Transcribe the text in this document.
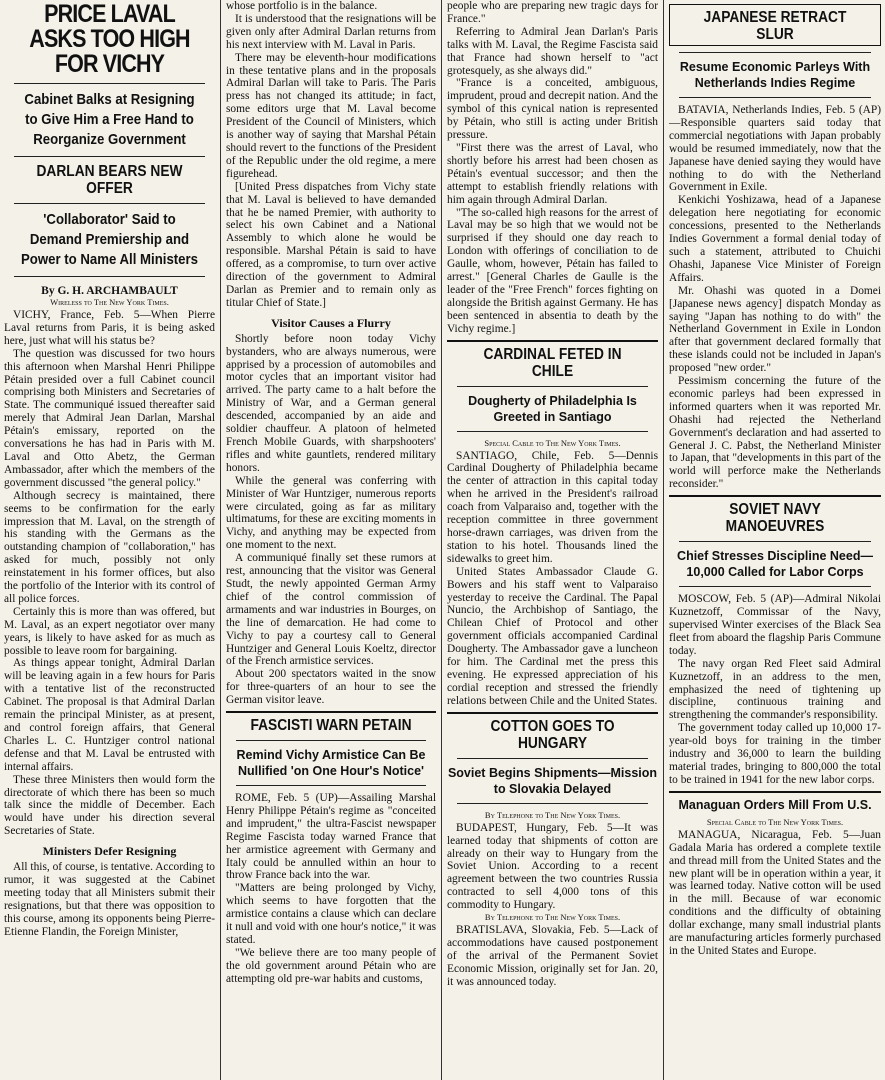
PRICE LAVAL ASKS TOO HIGH FOR VICHY
Cabinet Balks at Resigning to Give Him a Free Hand to Reorganize Government
DARLAN BEARS NEW OFFER
'Collaborator' Said to Demand Premiership and Power to Name All Ministers
By G. H. ARCHAMBAULT
Wireless to The New York Times.

VICHY, France, Feb. 5—When Pierre Laval returns from Paris, it is being asked here, just what will his status be?

The question was discussed for two hours this afternoon when Marshal Henri Philippe Pétain presided over a full Cabinet council comprising both Ministers and Secretaries of State. The communiqué issued thereafter said merely that Admiral Jean Darlan, Marshal Pétain's emissary, reported on the conversations he has had in Paris with M. Laval and Otto Abetz, the German Ambassador, after which the members of the government discussed "the general policy."

Although secrecy is maintained, there seems to be confirmation for the early impression that M. Laval, on the strength of his standing with the Germans as the outstanding champion of "collaboration," has asked for much, possibly not only reinstatement in his former offices, but also the portfolio of the Interior with its control of all police forces.

Certainly this is more than was offered, but M. Laval, as an expert negotiator over many years, is likely to have asked for as much as possible to leave room for bargaining.

As things appear tonight, Admiral Darlan will be leaving again in a few hours for Paris with a tentative list of the reconstructed Cabinet. The proposal is that Admiral Darlan remain the principal Minister, as at present, and control foreign affairs, that General Charles L. C. Huntziger control national defense and that M. Laval be entrusted with internal affairs.

These three Ministers then would form the directorate of which there has been so much talk since the middle of December. Each would have under his direction several Secretaries of State.

Ministers Defer Resigning

All this, of course, is tentative. According to rumor, it was suggested at the Cabinet meeting today that all Ministers submit their resignations, but that there was opposition to this course, among its opponents being Pierre-Etienne Flandin, the Foreign Minister,

whose portfolio is in the balance.

It is understood that the resignations will be given only after Admiral Darlan returns from his next interview with M. Laval in Paris.

There may be eleventh-hour modifications in these tentative plans and in the proposals Admiral Darlan will take to Paris. The Paris press has not changed its attitude; in fact, some editors urge that M. Laval become President of the Council of Ministers, which is another way of saying that Marshal Pétain should revert to the functions of the President of the Republic under the old regime, a mere figurehead.

[United Press dispatches from Vichy state that M. Laval is believed to have demanded that he be named Premier, with authority to select his own Cabinet and a National Assembly to which alone he would be responsible. Marshal Pétain is said to have offered, as a compromise, to turn over active direction of the government to Admiral Darlan as Premier and to remain only as titular Chief of State.]

Visitor Causes a Flurry

Shortly before noon today Vichy bystanders, who are always numerous, were apprised by a procession of automobiles and motor cycles that an important visitor had arrived. The party came to a halt before the Ministry of War, and a German general descended, accompanied by an aide and soldier chauffeur. A platoon of helmeted French Mobile Guards, with sharpshooters' rifles and white gauntlets, rendered military honors.

While the general was conferring with Minister of War Huntziger, numerous reports were circulated, going as far as military ultimatums, for these are exciting moments in Vichy, and anything may be expected from one moment to the next.

A communiqué finally set these rumors at rest, announcing that the visitor was General Studt, the newly appointed German Army chief of the control commission of armaments and war industries in Bourges, on the line of demarcation. He had come to Vichy to pay a courtesy call to General Huntziger and General Louis Koeltz, director of the French armistice services.

About 200 spectators waited in the snow for three-quarters of an hour to see the German visitor leave.

FASCISTI WARN PETAIN
Remind Vichy Armistice Can Be Nullified 'on One Hour's Notice'

ROME, Feb. 5 (UP)—Assailing Marshal Henry Philippe Pétain's regime as "conceited and imprudent," the ultra-Fascist newspaper Regime Fascista today warned France that her armistice agreement with Germany and Italy could be annulled within an hour to throw France back into the war.

"Matters are being prolonged by Vichy, which seems to have forgotten that the armistice contains a clause which can declare it null and void with one hour's notice," it was stated.

"We believe there are too many people of the old government around Pétain who are attempting old pre-war habits and customs,

people who are preparing new tragic days for France."

Referring to Admiral Jean Darlan's Paris talks with M. Laval, the Regime Fascista said that France had shown herself to "act grotesquely, as she always did."

"France is a conceited, ambiguous, imprudent, proud and decrepit nation. And the symbol of this cynical nation is represented by Pétain, who still is acting under British pressure.

"First there was the arrest of Laval, who shortly before his arrest had been chosen as Pétain's eventual successor; and then the attempt to establish friendly relations with him again through Admiral Darlan.

"The so-called high reasons for the arrest of Laval may be so high that we would not be surprised if they should one day reach to London with offerings of conciliation to de Gaulle, whom, however, Pétain has failed to arrest." [General Charles de Gaulle is the leader of the "Free French" forces fighting on alongside the British against Germany. He has been sentenced in absentia to death by the Vichy regime.]

CARDINAL FETED IN CHILE
Dougherty of Philadelphia Is Greeted in Santiago
Special Cable to The New York Times.

SANTIAGO, Chile, Feb. 5—Dennis Cardinal Dougherty of Philadelphia became the center of attraction in this capital today when he arrived in the President's railroad coach from Valparaiso and, together with the reception committee in three government horse-drawn carriages, was driven from the station to his hotel. Thousands lined the sidewalks to greet him.

United States Ambassador Claude G. Bowers and his staff went to Valparaiso yesterday to receive the Cardinal. The Papal Nuncio, the Archbishop of Santiago, the Chilean Chief of Protocol and other government officials accompanied Cardinal Dougherty. The Ambassador gave a luncheon for him. The Cardinal met the press this evening. He expressed appreciation of his cordial reception and stressed the friendly relations between Chile and the United States.

COTTON GOES TO HUNGARY
Soviet Begins Shipments—Mission to Slovakia Delayed
By Telephone to The New York Times.

BUDAPEST, Hungary, Feb. 5—It was learned today that shipments of cotton are already on their way to Hungary from the Soviet Union. According to a recent agreement between the two countries Russia contracted to sell 4,000 tons of this commodity to Hungary.

By Telephone to The New York Times.

BRATISLAVA, Slovakia, Feb. 5—Lack of accommodations have caused postponement of the arrival of the Permanent Soviet Economic Mission, originally set for Jan. 20, it was announced today.

JAPANESE RETRACT SLUR
Resume Economic Parleys With Netherlands Indies Regime

BATAVIA, Netherlands Indies, Feb. 5 (AP)—Responsible quarters said today that commercial negotiations with Japan probably would be resumed immediately, now that the Japanese have denied saying they would have nothing to do with the Netherland Government in Exile.

Kenkichi Yoshizawa, head of a Japanese delegation here negotiating for economic concessions, presented to the Netherlands Indies Government a formal denial today of such a statement, attributed to Chuichi Ohashi, Japanese Vice Minister of Foreign Affairs.

Mr. Ohashi was quoted in a Domei [Japanese news agency] dispatch Monday as saying "Japan has nothing to do with" the Netherland Government in Exile in London after that government declared formally that these islands could not be included in Japan's proposed "new order."

Pessimism concerning the future of the economic parleys had been expressed in informed quarters when it was reported Mr. Ohashi had rejected the Netherland Government's declaration and had asserted to General J. C. Pabst, the Netherland Minister to Japan, that "developments in this part of the world will perforce make the Netherlands reconsider."

SOVIET NAVY MANOEUVRES
Chief Stresses Discipline Need—10,000 Called for Labor Corps

MOSCOW, Feb. 5 (AP)—Admiral Nikolai Kuznetzoff, Commissar of the Navy, supervised Winter exercises of the Black Sea fleet from aboard the flagship Paris Commune today.

The navy organ Red Fleet said Admiral Kuznetzoff, in an address to the men, emphasized the need of tightening up discipline, continuous training and strengthening the commander's responsibility.

The government today called up 10,000 17-year-old boys for training in the timber industry and 36,000 to learn the building material trades, bringing to 800,000 the total to be trained in 1941 for the new labor corps.

Managuan Orders Mill From U.S.
Special Cable to The New York Times.

MANAGUA, Nicaragua, Feb. 5—Juan Gadala Maria has ordered a complete textile and thread mill from the United States and the new plant will be in operation within a year, it was learned today. Native cotton will be used in the mill. Because of war economic conditions and the difficulty of obtaining dollar exchange, many small industrial plants are manufacturing articles formerly purchased in the United States and Europe.
